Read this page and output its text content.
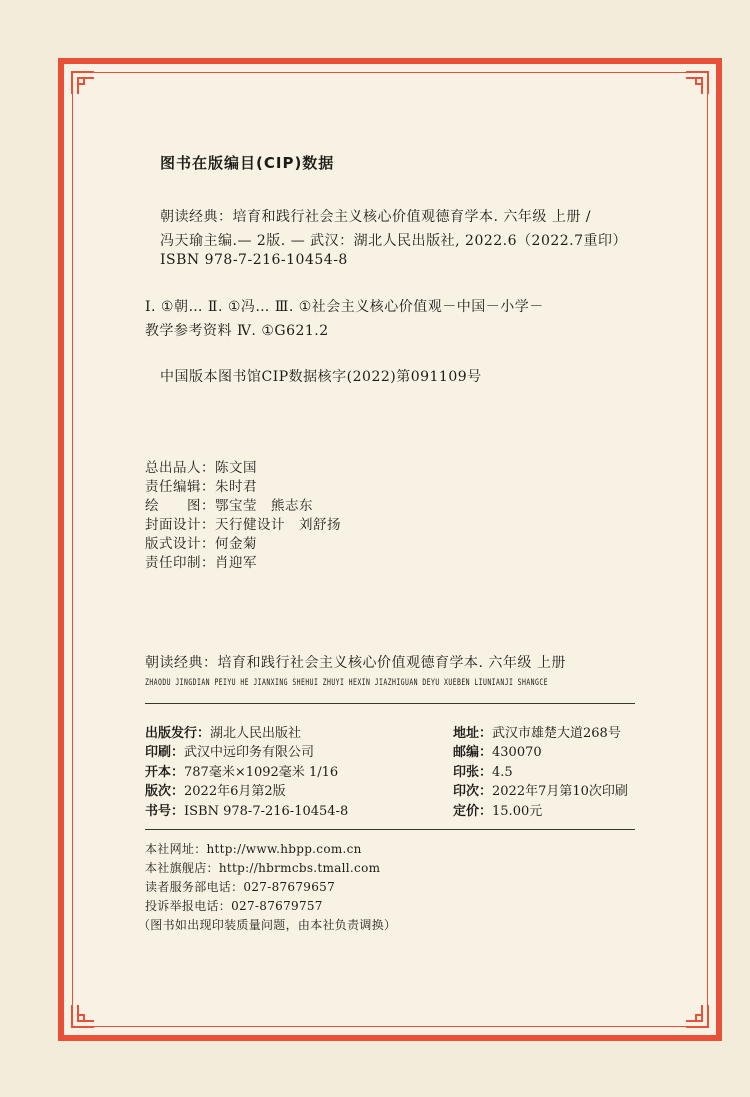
图书在版编目(CIP)数据
朝读经典：培育和践行社会主义核心价值观德育学本. 六年级 上册 /
冯天瑜主编.— 2版. — 武汉：湖北人民出版社, 2022.6（2022.7重印）
ISBN 978-7-216-10454-8
Ⅰ. ①朝… Ⅱ. ①冯… Ⅲ. ①社会主义核心价值观－中国－小学－
教学参考资料 Ⅳ. ①G621.2
中国版本图书馆CIP数据核字(2022)第091109号
总出品人：陈文国
责任编辑：朱时君
绘　　图：鄂宝莹　熊志东
封面设计：天行健设计　刘舒扬
版式设计：何金菊
责任印制：肖迎军
朝读经典：培育和践行社会主义核心价值观德育学本. 六年级 上册
ZHAODU JINGDIAN PEIYU HE JIANXING SHEHUI ZHUYI HEXIN JIAZHIGUAN DEYU XUEBEN LIUNIANJI SHANGCE
出版发行：湖北人民出版社
印刷：武汉中远印务有限公司
开本：787毫米×1092毫米 1/16
版次：2022年6月第2版
书号：ISBN 978-7-216-10454-8
地址：武汉市雄楚大道268号
邮编：430070
印张：4.5
印次：2022年7月第10次印刷
定价：15.00元
本社网址：http://www.hbpp.com.cn
本社旗舰店：http://hbrmcbs.tmall.com
读者服务部电话：027-87679657
投诉举报电话：027-87679757
（图书如出现印装质量问题，由本社负责调换）
